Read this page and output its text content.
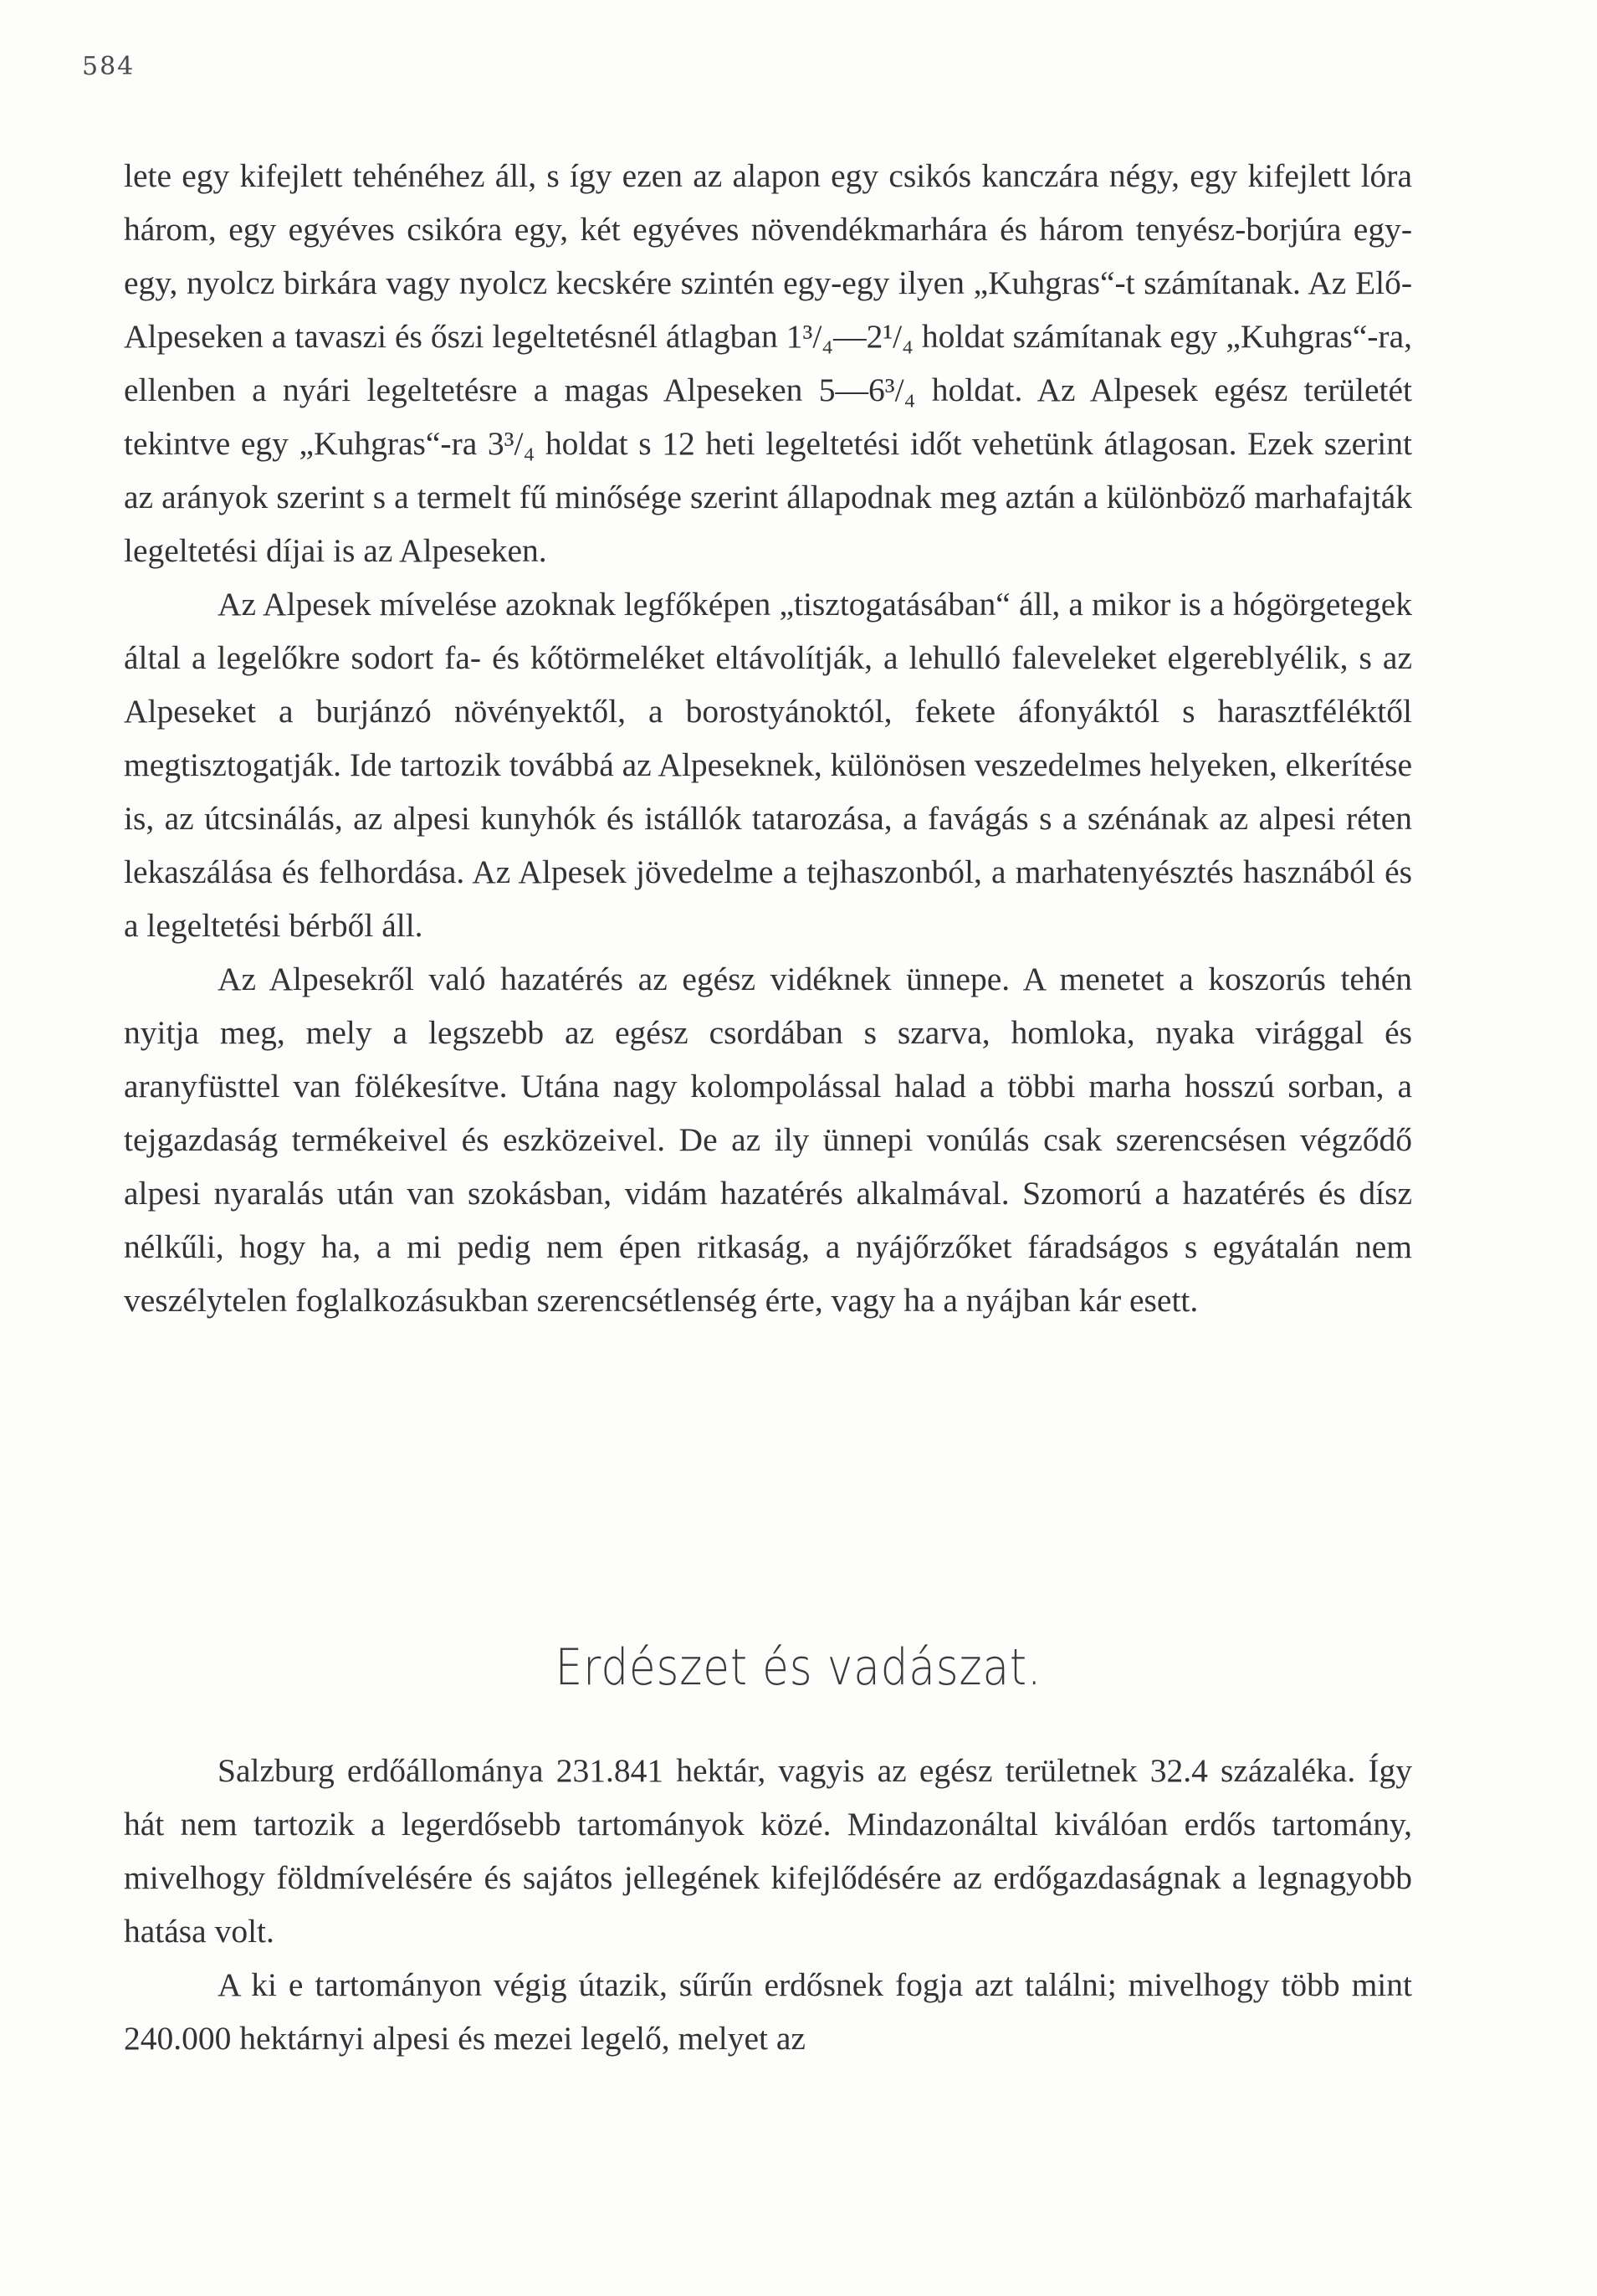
584

lete egy kifejlett tehénéhez áll, s így ezen az alapon egy csikós kanczára négy, egy kifejlett lóra három, egy egyéves csikóra egy, két egyéves növendékmarhára és három tenyész-borjúra egy-egy, nyolcz birkára vagy nyolcz kecskére szintén egy-egy ilyen „Kuhgras“-t számítanak. Az Elő-Alpeseken a tavaszi és őszi legeltetésnél átlagban 1³/₄—2¹/₄ holdat számítanak egy „Kuhgras“-ra, ellenben a nyári legeltetésre a magas Alpeseken 5—6³/₄ holdat. Az Alpesek egész területét tekintve egy „Kuhgras“-ra 3³/₄ holdat s 12 heti legeltetési időt vehetünk átlagosan. Ezek szerint az arányok szerint s a termelt fű minősége szerint állapodnak meg aztán a különböző marhafajták legeltetési díjai is az Alpeseken.

Az Alpesek mívelése azoknak legfőképen „tisztogatásában“ áll, a mikor is a hógörgetegek által a legelőkre sodort fa- és kőtörmeléket eltávolítják, a lehulló faleveleket elgereblyélik, s az Alpeseket a burjánzó növényektől, a borostyánoktól, fekete áfonyáktól s harasztféléktől megtisztogatják. Ide tartozik továbbá az Alpeseknek, különösen veszedelmes helyeken, elkerítése is, az útcsinálás, az alpesi kunyhók és istállók tatarozása, a favágás s a szénának az alpesi réten lekaszálása és felhordása. Az Alpesek jövedelme a tejhaszonból, a marhatenyésztés hasznából és a legeltetési bérből áll.

Az Alpesekről való hazatérés az egész vidéknek ünnepe. A menetet a koszorús tehén nyitja meg, mely a legszebb az egész csordában s szarva, homloka, nyaka virággal és aranyfüsttel van fölékesítve. Utána nagy kolompolással halad a többi marha hosszú sorban, a tejgazdaság termékeivel és eszközeivel. De az ily ünnepi vonúlás csak szerencsésen végződő alpesi nyaralás után van szokásban, vidám hazatérés alkalmával. Szomorú a hazatérés és dísz nélkűli, hogy ha, a mi pedig nem épen ritkaság, a nyájőrzőket fáradságos s egyátalán nem veszélytelen foglalkozásukban szerencsétlenség érte, vagy ha a nyájban kár esett.

Erdészet és vadászat.

Salzburg erdőállománya 231.841 hektár, vagyis az egész területnek 32.4 százaléka. Így hát nem tartozik a legerdősebb tartományok közé. Mindazonáltal kiválóan erdős tartomány, mivelhogy földmívelésére és sajátos jellegének kifejlődésére az erdőgazdaságnak a legnagyobb hatása volt.

A ki e tartományon végig útazik, sűrűn erdősnek fogja azt találni; mivelhogy több mint 240.000 hektárnyi alpesi és mezei legelő, melyet az
